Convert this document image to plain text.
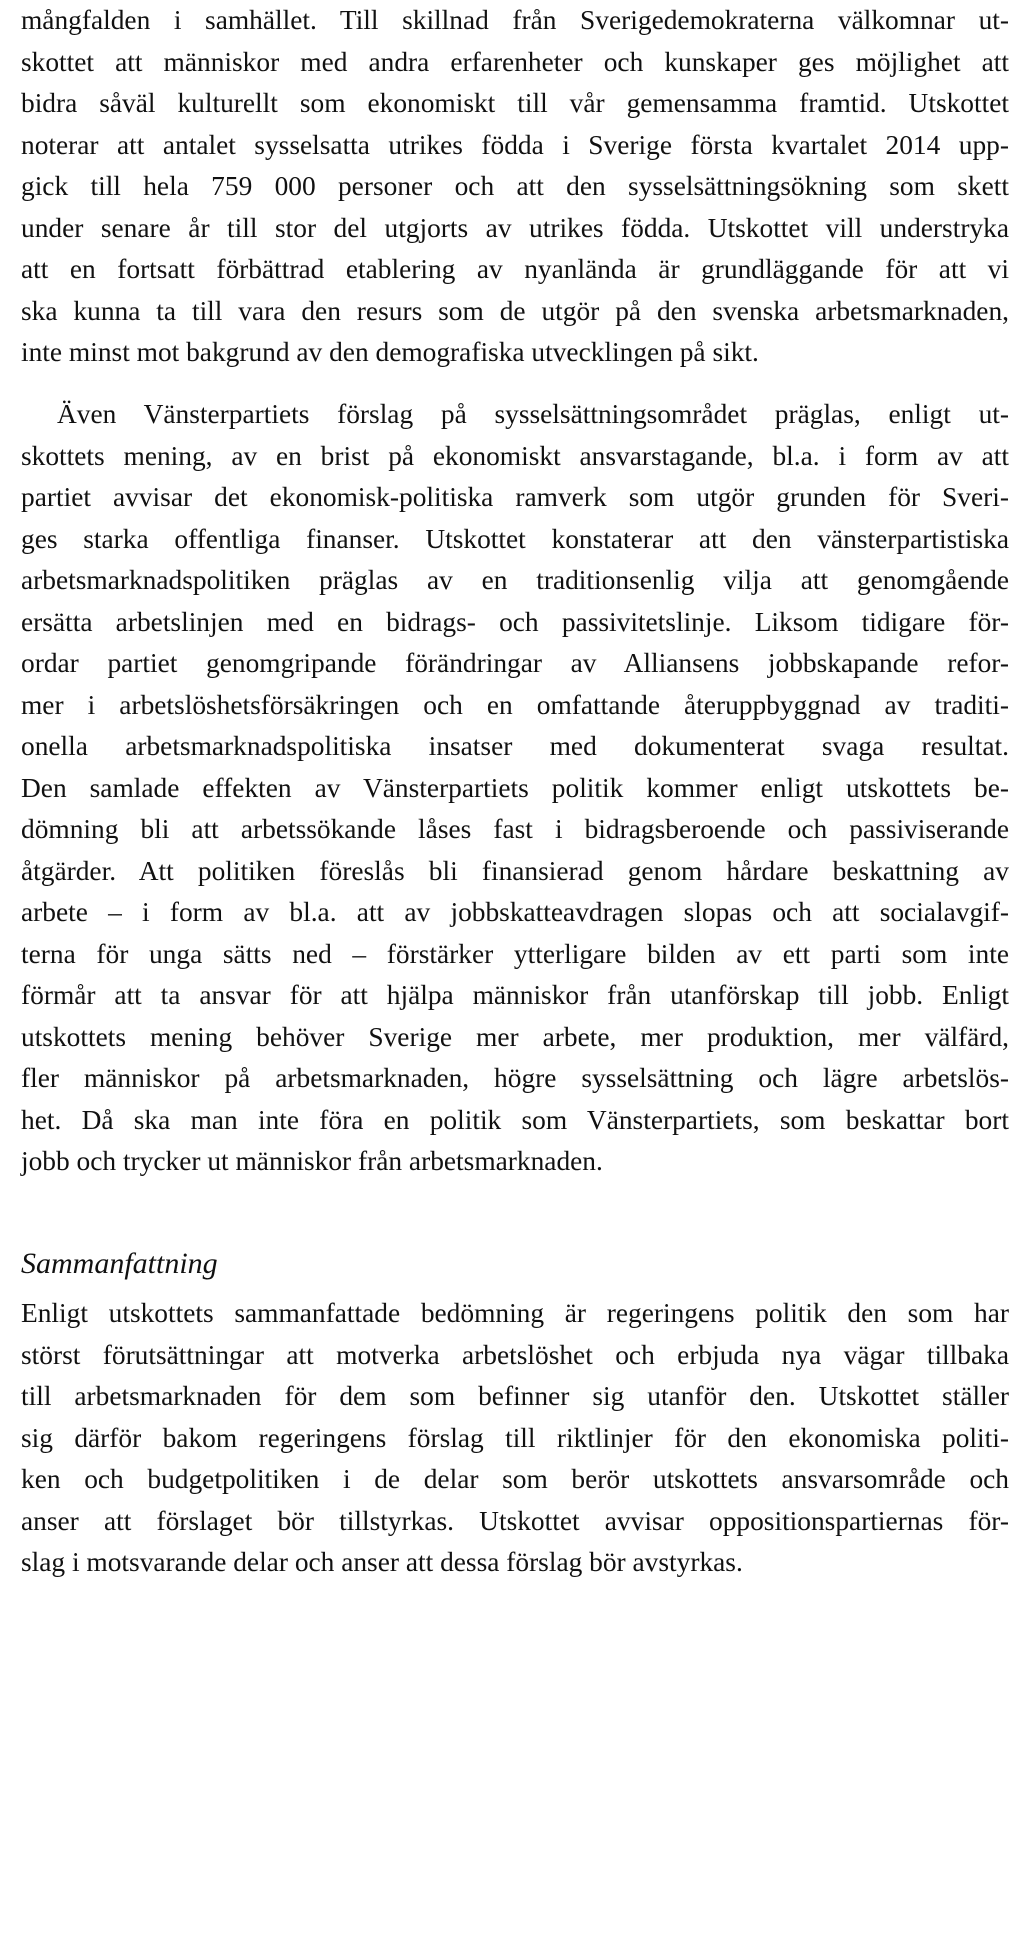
mångfalden i samhället. Till skillnad från Sverigedemokraterna välkomnar ut-
skottet att människor med andra erfarenheter och kunskaper ges möjlighet att
bidra såväl kulturellt som ekonomiskt till vår gemensamma framtid. Utskottet
noterar att antalet sysselsatta utrikes födda i Sverige första kvartalet 2014 upp-
gick till hela 759 000 personer och att den sysselsättningsökning som skett
under senare år till stor del utgjorts av utrikes födda. Utskottet vill understryka
att en fortsatt förbättrad etablering av nyanlända är grundläggande för att vi
ska kunna ta till vara den resurs som de utgör på den svenska arbetsmarknaden,
inte minst mot bakgrund av den demografiska utvecklingen på sikt.
Även Vänsterpartiets förslag på sysselsättningsområdet präglas, enligt ut-
skottets mening, av en brist på ekonomiskt ansvarstagande, bl.a. i form av att
partiet avvisar det ekonomisk-politiska ramverk som utgör grunden för Sveri-
ges starka offentliga finanser. Utskottet konstaterar att den vänsterpartistiska
arbetsmarknadspolitiken präglas av en traditionsenlig vilja att genomgående
ersätta arbetslinjen med en bidrags- och passivitetslinje. Liksom tidigare för-
ordar partiet genomgripande förändringar av Alliansens jobbskapande refor-
mer i arbetslöshetsförsäkringen och en omfattande återuppbyggnad av traditi-
onella arbetsmarknadspolitiska insatser med dokumenterat svaga resultat.
Den samlade effekten av Vänsterpartiets politik kommer enligt utskottets be-
dömning bli att arbetssökande låses fast i bidragsberoende och passiviserande
åtgärder. Att politiken föreslås bli finansierad genom hårdare beskattning av
arbete – i form av bl.a. att av jobbskatteavdragen slopas och att socialavgif-
terna för unga sätts ned – förstärker ytterligare bilden av ett parti som inte
förmår att ta ansvar för att hjälpa människor från utanförskap till jobb. Enligt
utskottets mening behöver Sverige mer arbete, mer produktion, mer välfärd,
fler människor på arbetsmarknaden, högre sysselsättning och lägre arbetslös-
het. Då ska man inte föra en politik som Vänsterpartiets, som beskattar bort
jobb och trycker ut människor från arbetsmarknaden.
Sammanfattning
Enligt utskottets sammanfattade bedömning är regeringens politik den som har
störst förutsättningar att motverka arbetslöshet och erbjuda nya vägar tillbaka
till arbetsmarknaden för dem som befinner sig utanför den. Utskottet ställer
sig därför bakom regeringens förslag till riktlinjer för den ekonomiska politi-
ken och budgetpolitiken i de delar som berör utskottets ansvarsområde och
anser att förslaget bör tillstyrkas. Utskottet avvisar oppositionspartiernas för-
slag i motsvarande delar och anser att dessa förslag bör avstyrkas.
